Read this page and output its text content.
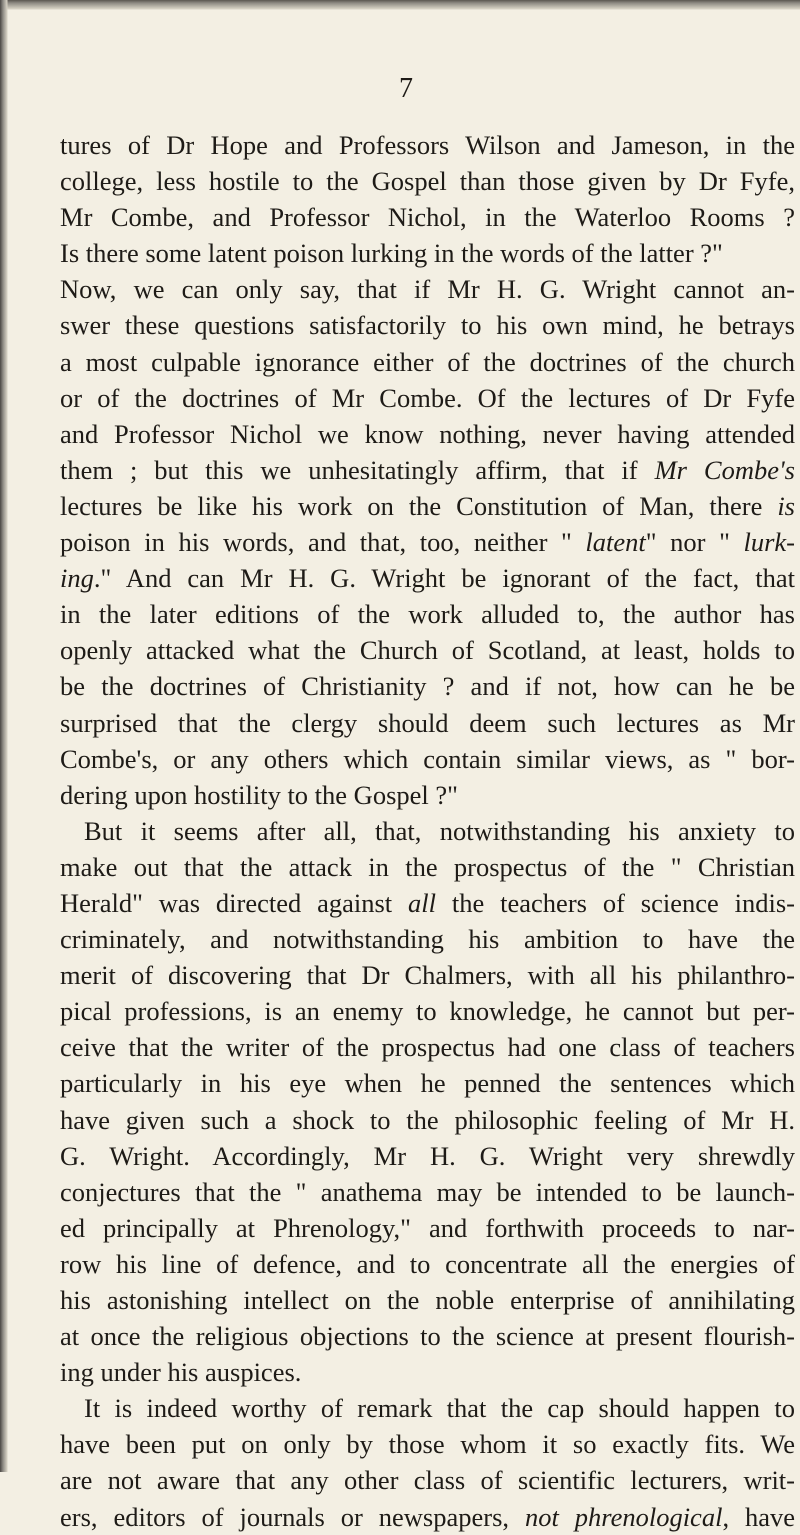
7
tures of Dr Hope and Professors Wilson and Jameson, in the
college, less hostile to the Gospel than those given by Dr Fyfe,
Mr Combe, and Professor Nichol, in the Waterloo Rooms ?
Is there some latent poison lurking in the words of the latter ?"
Now, we can only say, that if Mr H. G. Wright cannot an-
swer these questions satisfactorily to his own mind, he betrays
a most culpable ignorance either of the doctrines of the church
or of the doctrines of Mr Combe. Of the lectures of Dr Fyfe
and Professor Nichol we know nothing, never having attended
them ; but this we unhesitatingly affirm, that if Mr Combe's
lectures be like his work on the Constitution of Man, there is
poison in his words, and that, too, neither " latent" nor " lurk-
ing." And can Mr H. G. Wright be ignorant of the fact, that
in the later editions of the work alluded to, the author has
openly attacked what the Church of Scotland, at least, holds to
be the doctrines of Christianity ? and if not, how can he be
surprised that the clergy should deem such lectures as Mr
Combe's, or any others which contain similar views, as " bor-
dering upon hostility to the Gospel ?"
But it seems after all, that, notwithstanding his anxiety to
make out that the attack in the prospectus of the " Christian
Herald" was directed against all the teachers of science indis-
criminately, and notwithstanding his ambition to have the
merit of discovering that Dr Chalmers, with all his philanthro-
pical professions, is an enemy to knowledge, he cannot but per-
ceive that the writer of the prospectus had one class of teachers
particularly in his eye when he penned the sentences which
have given such a shock to the philosophic feeling of Mr H.
G. Wright. Accordingly, Mr H. G. Wright very shrewdly
conjectures that the " anathema may be intended to be launch-
ed principally at Phrenology," and forthwith proceeds to nar-
row his line of defence, and to concentrate all the energies of
his astonishing intellect on the noble enterprise of annihilating
at once the religious objections to the science at present flourish-
ing under his auspices.
It is indeed worthy of remark that the cap should happen to
have been put on only by those whom it so exactly fits. We
are not aware that any other class of scientific lecturers, writ-
ers, editors of journals or newspapers, not phrenological, have
